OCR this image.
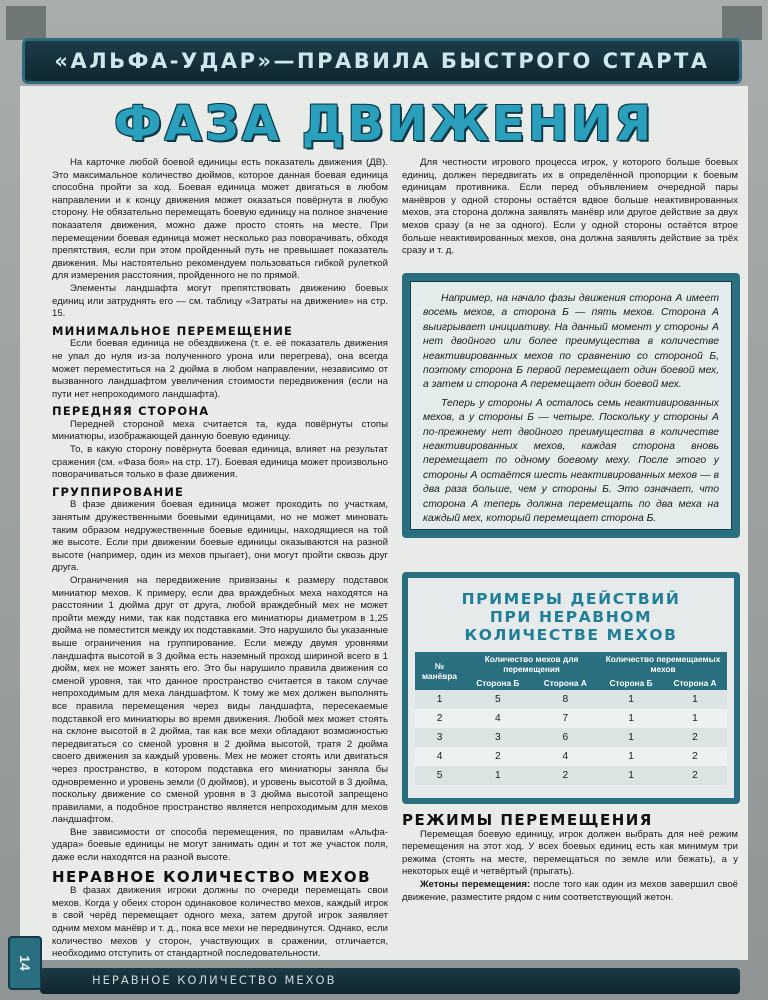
«АЛЬФА-УДАР»—ПРАВИЛА БЫСТРОГО СТАРТА
ФАЗА ДВИЖЕНИЯ

На карточке любой боевой единицы есть показатель движения (ДВ). Это максимальное количество дюймов, которое данная боевая единица способна пройти за ход. Боевая единица может двигаться в любом направлении и к концу движения может оказаться повёрнута в любую сторону. Не обязательно перемещать боевую единицу на полное значение показателя движения, можно даже просто стоять на месте. При перемещении боевая единица может несколько раз поворачивать, обходя препятствия, если при этом пройденный путь не превышает показатель движения. Мы настоятельно рекомендуем пользоваться гибкой рулеткой для измерения расстояния, пройденного не по прямой.

Элементы ландшафта могут препятствовать движению боевых единиц или затруднять его — см. таблицу «Затраты на движение» на стр. 15.

МИНИМАЛЬНОЕ ПЕРЕМЕЩЕНИЕ

Если боевая единица не обездвижена (т. е. её показатель движения не упал до нуля из-за полученного урона или перегрева), она всегда может переместиться на 2 дюйма в любом направлении, независимо от вызванного ландшафтом увеличения стоимости передвижения (если на пути нет непроходимого ландшафта).

ПЕРЕДНЯЯ СТОРОНА

Передней стороной меха считается та, куда повёрнуты стопы миниатюры, изображающей данную боевую единицу.

То, в какую сторону повёрнута боевая единица, влияет на результат сражения (см. «Фаза боя» на стр. 17). Боевая единица может произвольно поворачиваться только в фазе движения.

ГРУППИРОВАНИЕ

В фазе движения боевая единица может проходить по участкам, занятым дружественными боевыми единицами, но не может миновать таким образом недружественные боевые единицы, находящиеся на той же высоте. Если при движении боевые единицы оказываются на разной высоте (например, один из мехов прыгает), они могут пройти сквозь друг друга.

Ограничения на передвижение привязаны к размеру подставок миниатюр мехов. К примеру, если два враждебных меха находятся на расстоянии 1 дюйма друг от друга, любой враждебный мех не может пройти между ними, так как подставка его миниатюры диаметром в 1,25 дюйма не поместится между их подставками. Это нарушило бы указанные выше ограничения на группирование. Если между двумя уровнями ландшафта высотой в 3 дюйма есть наземный проход шириной всего в 1 дюйм, мех не может занять его. Это бы нарушило правила движения со сменой уровня, так что данное пространство считается в таком случае непроходимым для меха ландшафтом. К тому же мех должен выполнять все правила перемещения через виды ландшафта, пересекаемые подставкой его миниатюры во время движения. Любой мех может стоять на склоне высотой в 2 дюйма, так как все мехи обладают возможностью передвигаться со сменой уровня в 2 дюйма высотой, тратя 2 дюйма своего движения за каждый уровень. Мех не может стоять или двигаться через пространство, в котором подставка его миниатюры заняла бы одновременно и уровень земли (0 дюймов), и уровень высотой в 3 дюйма, поскольку движение со сменой уровня в 3 дюйма высотой запрещено правилами, а подобное пространство является непроходимым для мехов ландшафтом.

Вне зависимости от способа перемещения, по правилам «Альфа-удара» боевые единицы не могут занимать один и тот же участок поля, даже если находятся на разной высоте.

НЕРАВНОЕ КОЛИЧЕСТВО МЕХОВ

В фазах движения игроки должны по очереди перемещать свои мехов. Когда у обеих сторон одинаковое количество мехов, каждый игрок в свой черёд перемещает одного меха, затем другой игрок заявляет одним мехом манёвр и т. д., пока все мехи не передвинутся. Однако, если количество мехов у сторон, участвующих в сражении, отличается, необходимо отступить от стандартной последовательности.

Для честности игрового процесса игрок, у которого больше боевых единиц, должен передвигать их в определённой пропорции к боевым единицам противника. Если перед объявлением очередной пары манёвров у одной стороны остаётся вдвое больше неактивированных мехов, эта сторона должна заявлять манёвр или другое действие за двух мехов сразу (а не за одного). Если у одной стороны остаётся втрое больше неактивированных мехов, она должна заявлять действие за трёх сразу и т. д.

Например, на начало фазы движения сторона А имеет восемь мехов, а сторона Б — пять мехов. Сторона А выигрывает инициативу. На данный момент у стороны А нет двойного или более преимущества в количестве неактивированных мехов по сравнению со стороной Б, поэтому сторона Б первой перемещает один боевой мех, а затем и сторона А перемещает один боевой мех.

Теперь у стороны А осталось семь неактивированных мехов, а у стороны Б — четыре. Поскольку у стороны А по-прежнему нет двойного преимущества в количестве неактивированных мехов, каждая сторона вновь перемещает по одному боевому меху. После этого у стороны А остаётся шесть неактивированных мехов — в два раза больше, чем у стороны Б. Это означает, что сторона А теперь должна перемещать по два меха на каждый мех, который перемещает сторона Б.

ПРИМЕРЫ ДЕЙСТВИЙ
ПРИ НЕРАВНОМ
КОЛИЧЕСТВЕ МЕХОВ
№ манёвра	Количество мехов для перемещения		Количество перемещаемых мехов	
	Сторона Б	Сторона А	Сторона Б	Сторона А
1	5	8	1	1
2	4	7	1	1
3	3	6	1	2
4	2	4	1	2
5	1	2	1	2
РЕЖИМЫ ПЕРЕМЕЩЕНИЯ

Перемещая боевую единицу, игрок должен выбрать для неё режим перемещения на этот ход. У всех боевых единиц есть как минимум три режима (стоять на месте, перемещаться по земле или бежать), а у некоторых ещё и четвёртый (прыгать).

Жетоны перемещения: после того как один из мехов завершил своё движение, разместите рядом с ним соответствующий жетон.

НЕРАВНОЕ КОЛИЧЕСТВО МЕХОВ
14
